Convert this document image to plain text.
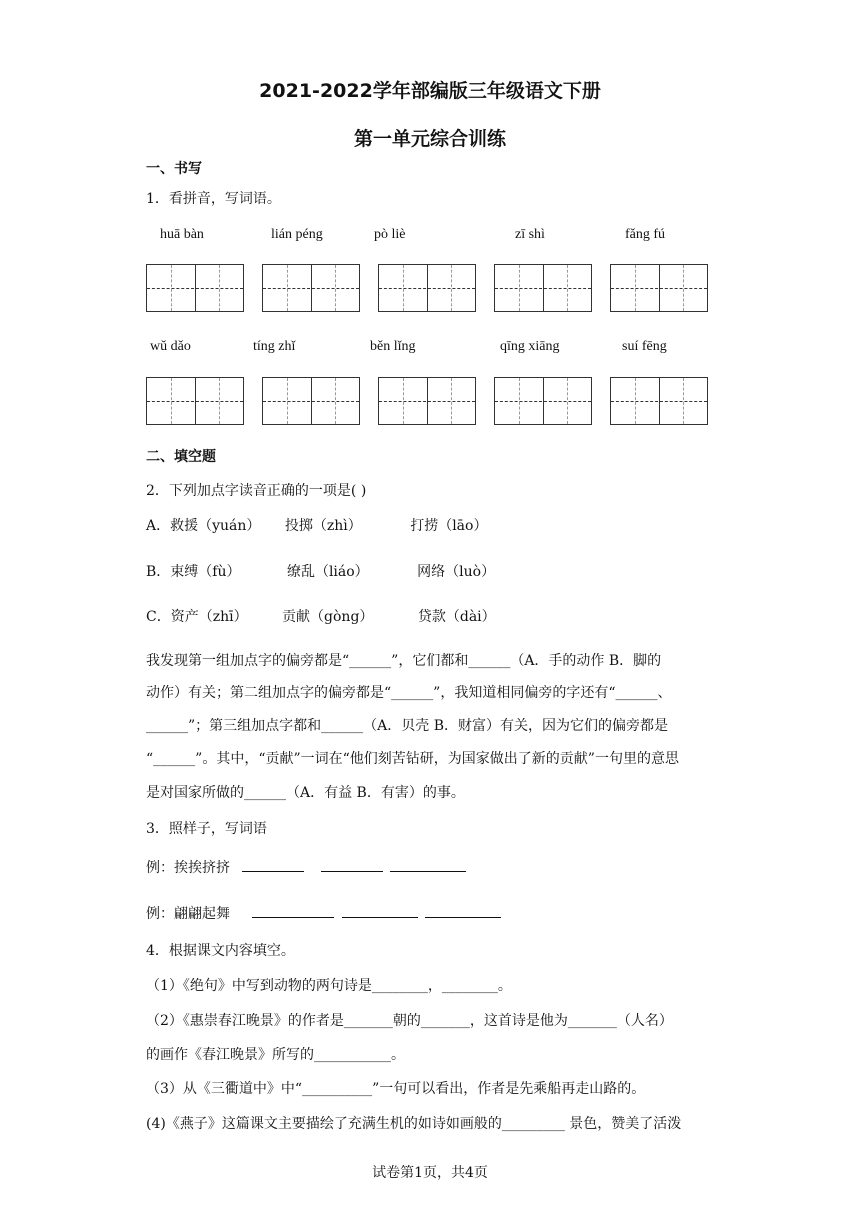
2021-2022学年部编版三年级语文下册
第一单元综合训练
一、书写
1．看拼音，写词语。
huā bàn	lián péng	pò liè	zī shì	fǎng fú
wǔ dǎo	tíng zhǐ	běn lǐng	qīng xiāng	suí fēng
二、填空题
2．下列加点字读音正确的一项是( )
A．救援（yuán） 投掷（zhì）	打捞（lāo）
B．束缚（fù）	缭乱（liáo）	网络（luò）
C．资产（zhī） 贡献（gòng）	贷款（dài）
我发现第一组加点字的偏旁都是“______”，它们都和______（A．手的动作 B．脚的
动作）有关；第二组加点字的偏旁都是“______”，我知道相同偏旁的字还有“______、
______”；第三组加点字都和______（A．贝壳 B．财富）有关，因为它们的偏旁都是
“______”。其中，“贡献”一词在“他们刻苦钻研，为国家做出了新的贡献”一句里的意思
是对国家所做的______（A．有益 B．有害）的事。
3．照样子，写词语
例：挨挨挤挤
例：翩翩起舞
4．根据课文内容填空。
（1）《绝句》中写到动物的两句诗是________，________。
（2）《惠崇春江晚景》的作者是_______朝的_______，这首诗是他为_______（人名）
的画作《春江晚景》所写的___________。
（3）从《三衢道中》中“__________”一句可以看出，作者是先乘船再走山路的。
(4)《燕子》这篇课文主要描绘了充满生机的如诗如画般的_________ 景色，赞美了活泼
试卷第1页，共4页
